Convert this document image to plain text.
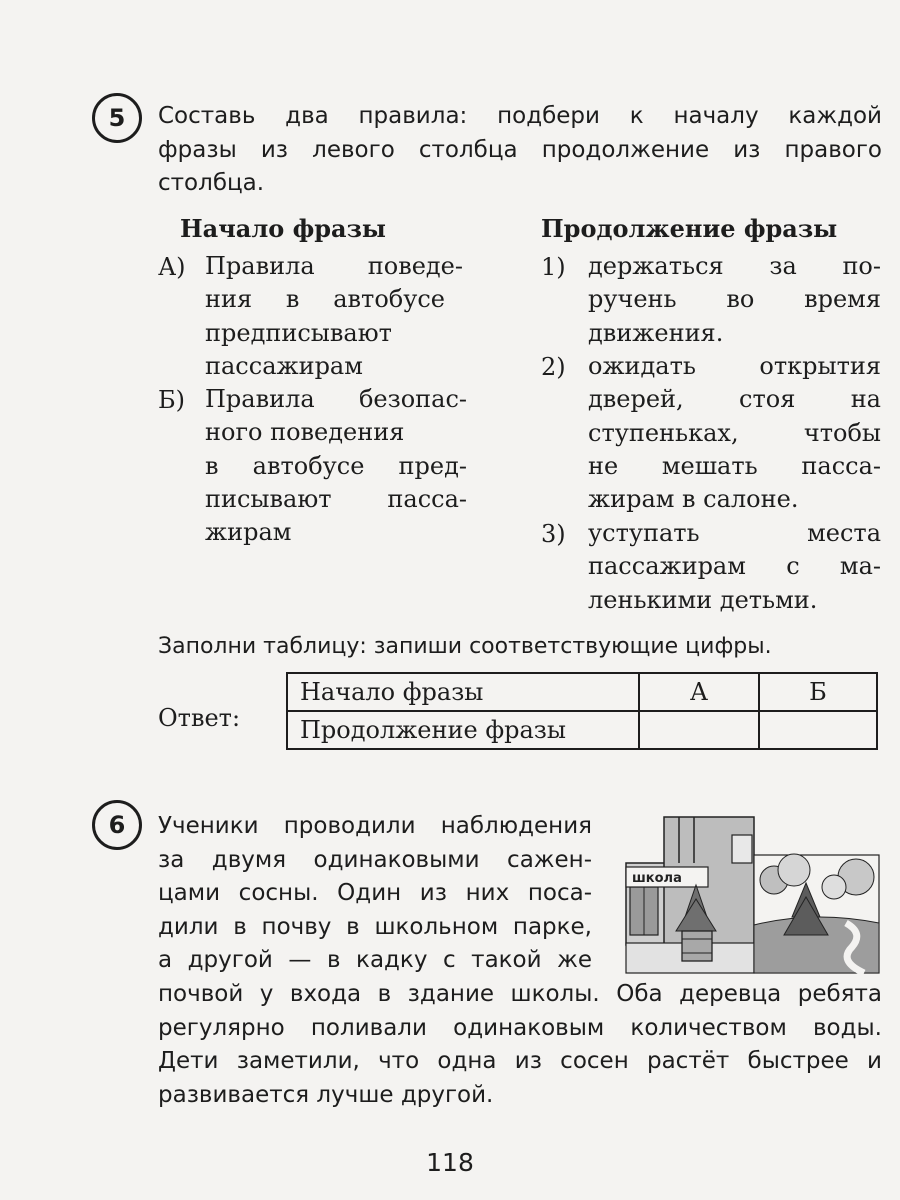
5 Составь два правила: подбери к началу каждой
фразы из левого столбца продолжение из правого
столбца.
Начало фразы	Продолжение фразы
А) Правила поведе-
ния в автобусе
предписывают
пассажирам
Б) Правила безопас-
ного поведения
в автобусе пред-
писывают пасса-
жирам
1) держаться за по-
ручень во время
движения.
2) ожидать открытия
дверей, стоя на
ступеньках, чтобы
не мешать пасса-
жирам в салоне.
3) уступать места
пассажирам с ма-
ленькими детьми.
Заполни таблицу: запиши соответствующие цифры.
Ответ:
Начало фразы	А	Б
Продолжение фразы		
6 Ученики проводили наблюдения
за двумя одинаковыми сажен-
цами сосны. Один из них поса-
дили в почву в школьном парке,
а другой — в кадку с такой же
почвой у входа в здание школы. Оба деревца ребята
регулярно поливали одинаковым количеством воды.
Дети заметили, что одна из сосен растёт быстрее и
развивается лучше другой.
школа
118
